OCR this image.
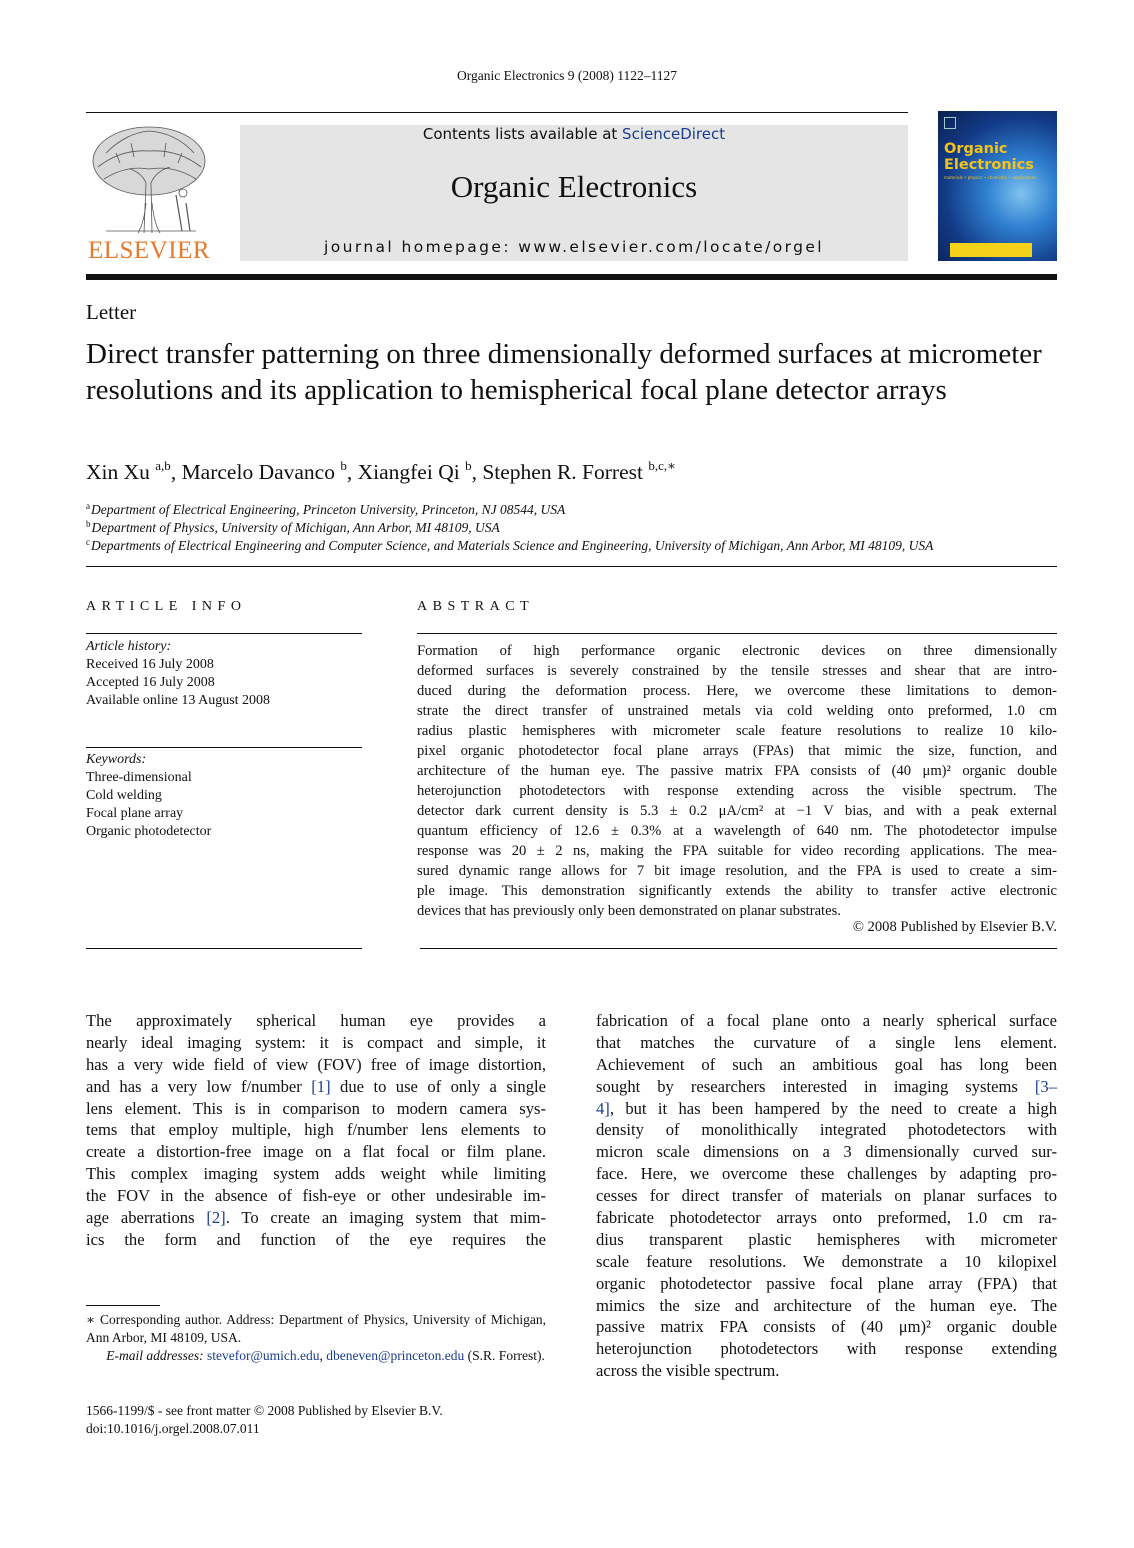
Organic Electronics 9 (2008) 1122–1127
ELSEVIER
Contents lists available at ScienceDirect
Organic Electronics
journal homepage: www.elsevier.com/locate/orgel
Organic
Electronics
materials • physics • chemistry • applications
Letter
Direct transfer patterning on three dimensionally deformed surfaces at micrometer resolutions and its application to hemispherical focal plane detector arrays
Xin Xu $^{a,b}$, Marcelo Davanco $^b$, Xiangfei Qi $^b$, Stephen R. Forrest $^{b,c,∗}$
$^a$Department of Electrical Engineering, Princeton University, Princeton, NJ 08544, USA
$^b$Department of Physics, University of Michigan, Ann Arbor, MI 48109, USA
$^c$Departments of Electrical Engineering and Computer Science, and Materials Science and Engineering, University of Michigan, Ann Arbor, MI 48109, USA
ARTICLE INFO
Article history:
Received 16 July 2008
Accepted 16 July 2008
Available online 13 August 2008
Keywords:
Three-dimensional
Cold welding
Focal plane array
Organic photodetector
ABSTRACT
Formation of high performance organic electronic devices on three dimensionally
deformed surfaces is severely constrained by the tensile stresses and shear that are intro-
duced during the deformation process. Here, we overcome these limitations to demon-
strate the direct transfer of unstrained metals via cold welding onto preformed, 1.0 cm
radius plastic hemispheres with micrometer scale feature resolutions to realize 10 kilo-
pixel organic photodetector focal plane arrays (FPAs) that mimic the size, function, and
architecture of the human eye. The passive matrix FPA consists of (40 μm)² organic double
heterojunction photodetectors with response extending across the visible spectrum. The
detector dark current density is 5.3 ± 0.2 μA/cm² at −1 V bias, and with a peak external
quantum efficiency of 12.6 ± 0.3% at a wavelength of 640 nm. The photodetector impulse
response was 20 ± 2 ns, making the FPA suitable for video recording applications. The mea-
sured dynamic range allows for 7 bit image resolution, and the FPA is used to create a sim-
ple image. This demonstration significantly extends the ability to transfer active electronic
devices that has previously only been demonstrated on planar substrates.
© 2008 Published by Elsevier B.V.
The approximately spherical human eye provides a
nearly ideal imaging system: it is compact and simple, it
has a very wide field of view (FOV) free of image distortion,
and has a very low f/number [1] due to use of only a single
lens element. This is in comparison to modern camera sys-
tems that employ multiple, high f/number lens elements to
create a distortion-free image on a flat focal or film plane.
This complex imaging system adds weight while limiting
the FOV in the absence of fish-eye or other undesirable im-
age aberrations [2]. To create an imaging system that mim-
ics the form and function of the eye requires the
fabrication of a focal plane onto a nearly spherical surface
that matches the curvature of a single lens element.
Achievement of such an ambitious goal has long been
sought by researchers interested in imaging systems [3–
4], but it has been hampered by the need to create a high
density of monolithically integrated photodetectors with
micron scale dimensions on a 3 dimensionally curved sur-
face. Here, we overcome these challenges by adapting pro-
cesses for direct transfer of materials on planar surfaces to
fabricate photodetector arrays onto preformed, 1.0 cm ra-
dius transparent plastic hemispheres with micrometer
scale feature resolutions. We demonstrate a 10 kilopixel
organic photodetector passive focal plane array (FPA) that
mimics the size and architecture of the human eye. The
passive matrix FPA consists of (40 μm)² organic double
heterojunction photodetectors with response extending
across the visible spectrum.
∗ Corresponding author. Address: Department of Physics, University of Michigan, Ann Arbor, MI 48109, USA.
E-mail addresses: stevefor@umich.edu, dbeneven@princeton.edu (S.R. Forrest).
1566-1199/$ - see front matter © 2008 Published by Elsevier B.V.
doi:10.1016/j.orgel.2008.07.011
